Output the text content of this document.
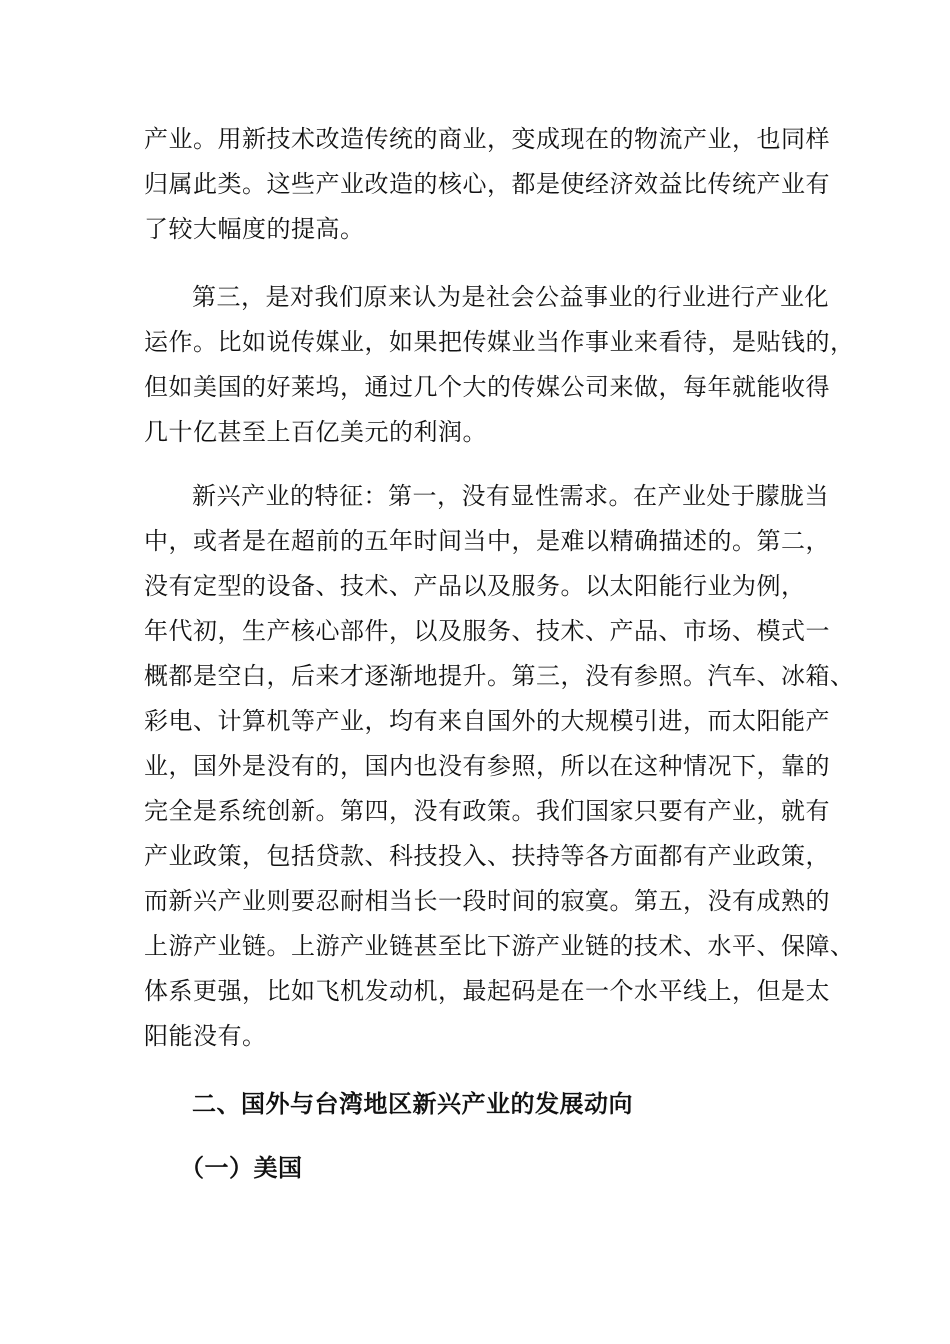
产业。用新技术改造传统的商业，变成现在的物流产业，也同样
归属此类。这些产业改造的核心，都是使经济效益比传统产业有
了较大幅度的提高。
第三，是对我们原来认为是社会公益事业的行业进行产业化
运作。比如说传媒业，如果把传媒业当作事业来看待，是贴钱的，
但如美国的好莱坞，通过几个大的传媒公司来做，每年就能收得
几十亿甚至上百亿美元的利润。
新兴产业的特征：第一，没有显性需求。在产业处于朦胧当
中，或者是在超前的五年时间当中，是难以精确描述的。第二，
没有定型的设备、技术、产品以及服务。以太阳能行业为例，
年代初，生产核心部件，以及服务、技术、产品、市场、模式一
概都是空白，后来才逐渐地提升。第三，没有参照。汽车、冰箱、
彩电、计算机等产业，均有来自国外的大规模引进，而太阳能产
业，国外是没有的，国内也没有参照，所以在这种情况下，靠的
完全是系统创新。第四，没有政策。我们国家只要有产业，就有
产业政策，包括贷款、科技投入、扶持等各方面都有产业政策，
而新兴产业则要忍耐相当长一段时间的寂寞。第五，没有成熟的
上游产业链。上游产业链甚至比下游产业链的技术、水平、保障、
体系更强，比如飞机发动机，最起码是在一个水平线上，但是太
阳能没有。
二、国外与台湾地区新兴产业的发展动向
（一）美国
